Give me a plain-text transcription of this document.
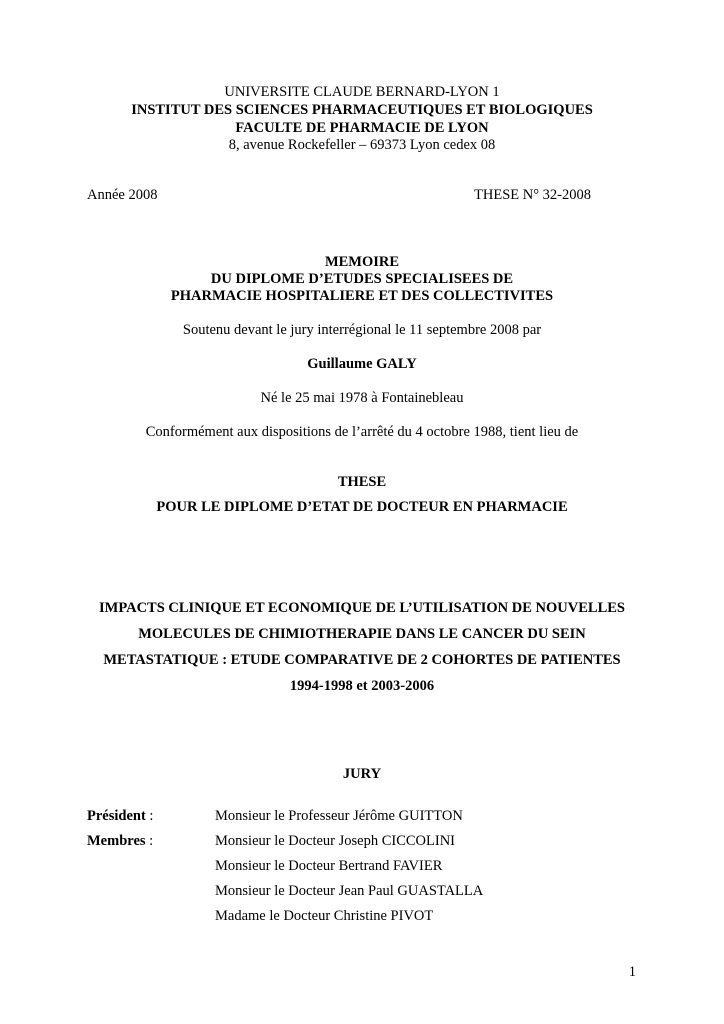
UNIVERSITE CLAUDE BERNARD-LYON 1
INSTITUT DES SCIENCES PHARMACEUTIQUES ET BIOLOGIQUES
FACULTE DE PHARMACIE DE LYON
8, avenue Rockefeller – 69373 Lyon cedex 08
Année 2008	THESE N° 32-2008
MEMOIRE
DU DIPLOME D’ETUDES SPECIALISEES DE
PHARMACIE HOSPITALIERE ET DES COLLECTIVITES
Soutenu devant le jury interrégional le 11 septembre 2008 par
Guillaume GALY
Né le 25 mai 1978 à Fontainebleau
Conformément aux dispositions de l’arrêté du 4 octobre 1988, tient lieu de
THESE
POUR LE DIPLOME D’ETAT DE DOCTEUR EN PHARMACIE
IMPACTS CLINIQUE ET ECONOMIQUE DE L’UTILISATION DE NOUVELLES
MOLECULES DE CHIMIOTHERAPIE DANS LE CANCER DU SEIN
METASTATIQUE : ETUDE COMPARATIVE DE 2 COHORTES DE PATIENTES
1994-1998 et 2003-2006
JURY
Président :	Monsieur le Professeur Jérôme GUITTON
Membres :	Monsieur le Docteur Joseph CICCOLINI
Monsieur le Docteur Bertrand FAVIER
Monsieur le Docteur Jean Paul GUASTALLA
Madame le Docteur Christine PIVOT
1
